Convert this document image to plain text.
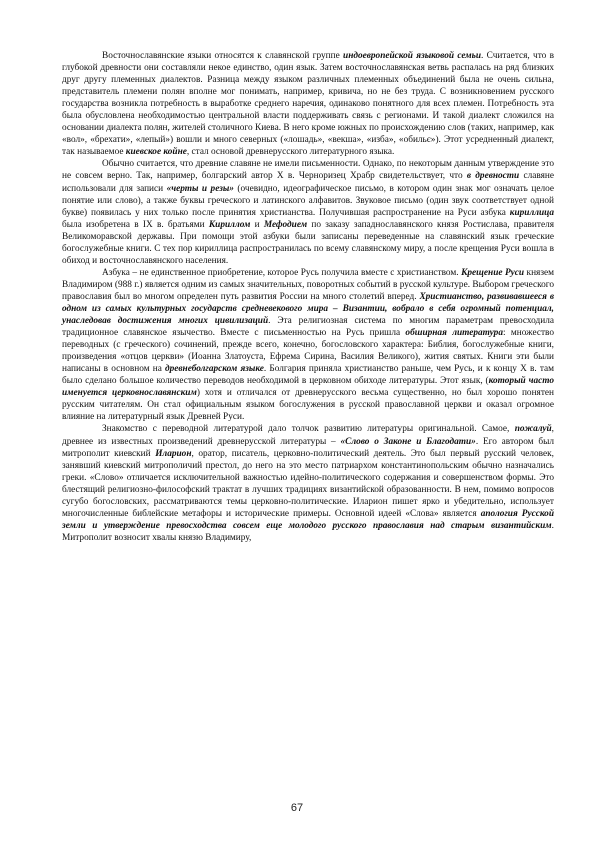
Восточнославянские языки относятся к славянской группе индоевропейской языковой семьи. Считается, что в глубокой древности они составляли некое единство, один язык. Затем восточнославянская ветвь распалась на ряд близких друг другу племенных диалектов. Разница между языком различных племенных объединений была не очень сильна, представитель племени полян вполне мог понимать, например, кривича, но не без труда. С возникновением русского государства возникла потребность в выработке среднего наречия, одинаково понятного для всех племен. Потребность эта была обусловлена необходимостью центральной власти поддерживать связь с регионами. И такой диалект сложился на основании диалекта полян, жителей столичного Киева. В него кроме южных по происхождению слов (таких, например, как «вол», «брехати», «лепый») вошли и много северных («лошадь», «векша», «изба», «обильє»). Этот усредненный диалект, так называемое киевское койне, стал основой древнерусского литературного языка.

Обычно считается, что древние славяне не имели письменности. Однако, по некоторым данным утверждение это не совсем верно. Так, например, болгарский автор Х в. Черноризец Храбр свидетельствует, что в древности славяне использовали для записи «черты и резы» (очевидно, идеографическое письмо, в котором один знак мог означать целое понятие или слово), а также буквы греческого и латинского алфавитов. Звуковое письмо (один звук соответствует одной букве) появилась у них только после принятия христианства. Получившая распространение на Руси азбука кириллица была изобретена в IX в. братьями Кириллом и Мефодием по заказу западнославянского князя Ростислава, правителя Великоморавской державы. При помощи этой азбуки были записаны переведенные на славянский язык греческие богослужебные книги. С тех пор кириллица распространилась по всему славянскому миру, а после крещения Руси вошла в обиход и восточнославянского населения.

Азбука – не единственное приобретение, которое Русь получила вместе с христианством. Крещение Руси князем Владимиром (988 г.) является одним из самых значительных, поворотных событий в русской культуре. Выбором греческого православия был во многом определен путь развития России на много столетий вперед. Христианство, развивавшееся в одном из самых культурных государств средневекового мира – Византии, вобрало в себя огромный потенциал, унаследовав достижения многих цивилизаций. Эта религиозная система по многим параметрам превосходила традиционное славянское язычество. Вместе с письменностью на Русь пришла обширная литература: множество переводных (с греческого) сочинений, прежде всего, конечно, богословского характера: Библия, богослужебные книги, произведения «отцов церкви» (Иоанна Златоуста, Ефрема Сирина, Василия Великого), жития святых. Книги эти были написаны в основном на древнеболгарском языке. Болгария приняла христианство раньше, чем Русь, и к концу Х в. там было сделано большое количество переводов необходимой в церковном обиходе литературы. Этот язык, (который часто именуется церковнославянским) хотя и отличался от древнерусского весьма существенно, но был хорошо понятен русским читателям. Он стал официальным языком богослужения в русской православной церкви и оказал огромное влияние на литературный язык Древней Руси.

Знакомство с переводной литературой дало толчок развитию литературы оригинальной. Самое, пожалуй, древнее из известных произведений древнерусской литературы – «Слово о Законе и Благодати». Его автором был митрополит киевский Иларион, оратор, писатель, церковно-политический деятель. Это был первый русский человек, занявший киевский митрополичий престол, до него на это место патриархом константинопольским обычно назначались греки. «Слово» отличается исключительной важностью идейно-политического содержания и совершенством формы. Это блестящий религиозно-философский трактат в лучших традициях византийской образованности. В нем, помимо вопросов сугубо богословских, рассматриваются темы церковно-политические. Иларион пишет ярко и убедительно, использует многочисленные библейские метафоры и исторические примеры. Основной идеей «Слова» является апология Русской земли и утверждение превосходства совсем еще молодого русского православия над старым византийским. Митрополит возносит хвалы князю Владимиру,

67
